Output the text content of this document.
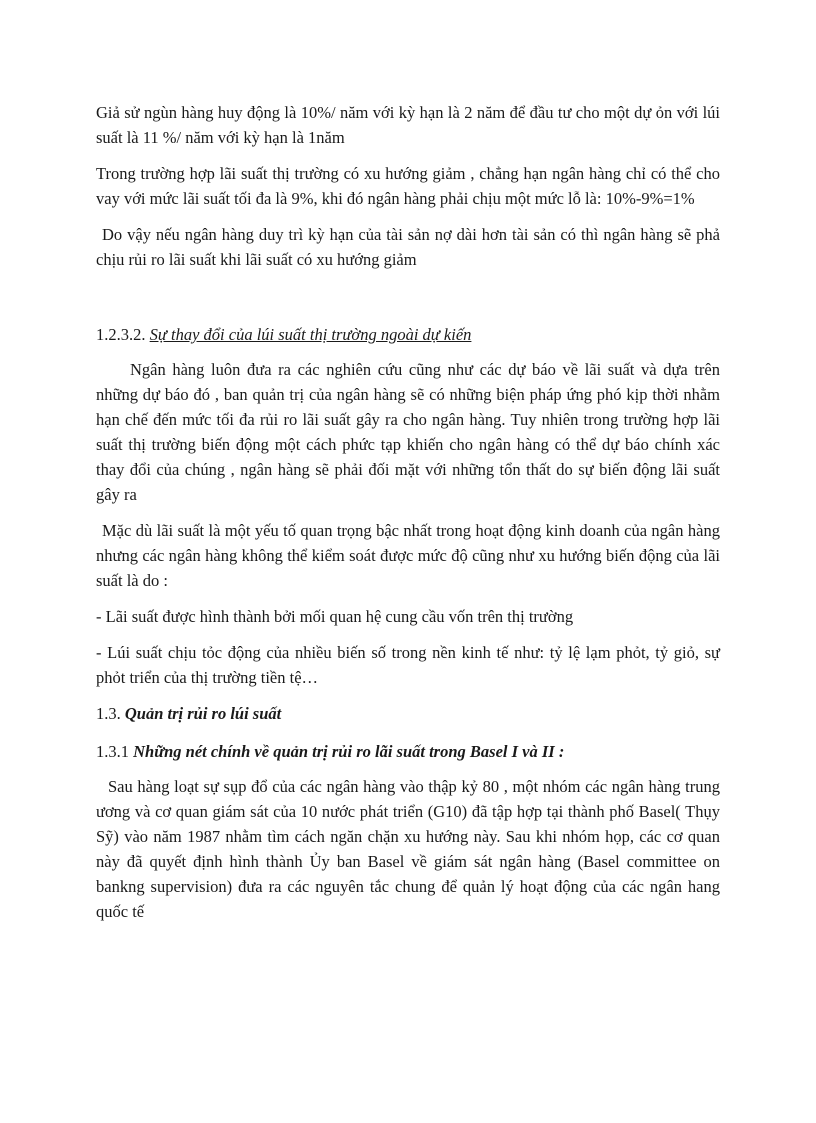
Giả sử ngùn hàng huy động là 10%/ năm với kỳ hạn là 2 năm để đầu tư cho một dự ỏn với lúi suất là 11 %/ năm với kỳ hạn là 1năm

Trong trường hợp lãi suất thị trường có xu hướng giảm , chẳng hạn ngân hàng chỉ có thể cho vay với mức lãi suất tối đa là 9%, khi đó ngân hàng phải chịu một mức lỗ là: 10%-9%=1%

Do vậy nếu ngân hàng duy trì kỳ hạn của tài sản nợ dài hơn tài sản có thì ngân hàng sẽ phả chịu rủi ro lãi suất khi lãi suất có xu hướng giảm

1.2.3.2. Sự thay đổi của lúi suất thị trường ngoài dự kiến

Ngân hàng luôn đưa ra các nghiên cứu cũng như các dự báo về lãi suất và dựa trên những dự báo đó , ban quản trị của ngân hàng sẽ có những biện pháp ứng phó kịp thời nhằm hạn chế đến mức tối đa rủi ro lãi suất gây ra cho ngân hàng. Tuy nhiên trong trường hợp lãi suất thị trường biến động một cách phức tạp khiến cho ngân hàng có thể dự báo chính xác thay đổi của chúng , ngân hàng sẽ phải đối mặt với những tổn thất do sự biến động lãi suất gây ra

Mặc dù lãi suất là một yếu tố quan trọng bậc nhất trong hoạt động kinh doanh của ngân hàng nhưng các ngân hàng không thể kiểm soát được mức độ cũng như xu hướng biến động của lãi suất là do :

- Lãi suất được hình thành bởi mối quan hệ cung cầu vốn trên thị trường

- Lúi suất chịu tỏc động của nhiều biến số trong nền kinh tế như: tỷ lệ lạm phỏt, tỷ giỏ, sự phỏt triển của thị trường tiền tệ…

1.3. Quản trị rủi ro lúi suất

1.3.1 Những nét chính về quản trị rủi ro lãi suất trong Basel I và II :

Sau hàng loạt sự sụp đổ của các ngân hàng vào thập kỷ 80 , một nhóm các ngân hàng trung ương và cơ quan giám sát của 10 nước phát triển (G10) đã tập hợp tại thành phố Basel( Thụy Sỹ) vào năm 1987 nhằm tìm cách ngăn chặn xu hướng này. Sau khi nhóm họp, các cơ quan này đã quyết định hình thành Ủy ban Basel về giám sát ngân hàng (Basel committee on bankng supervision) đưa ra các nguyên tắc chung để quản lý hoạt động của các ngân hang quốc tế
